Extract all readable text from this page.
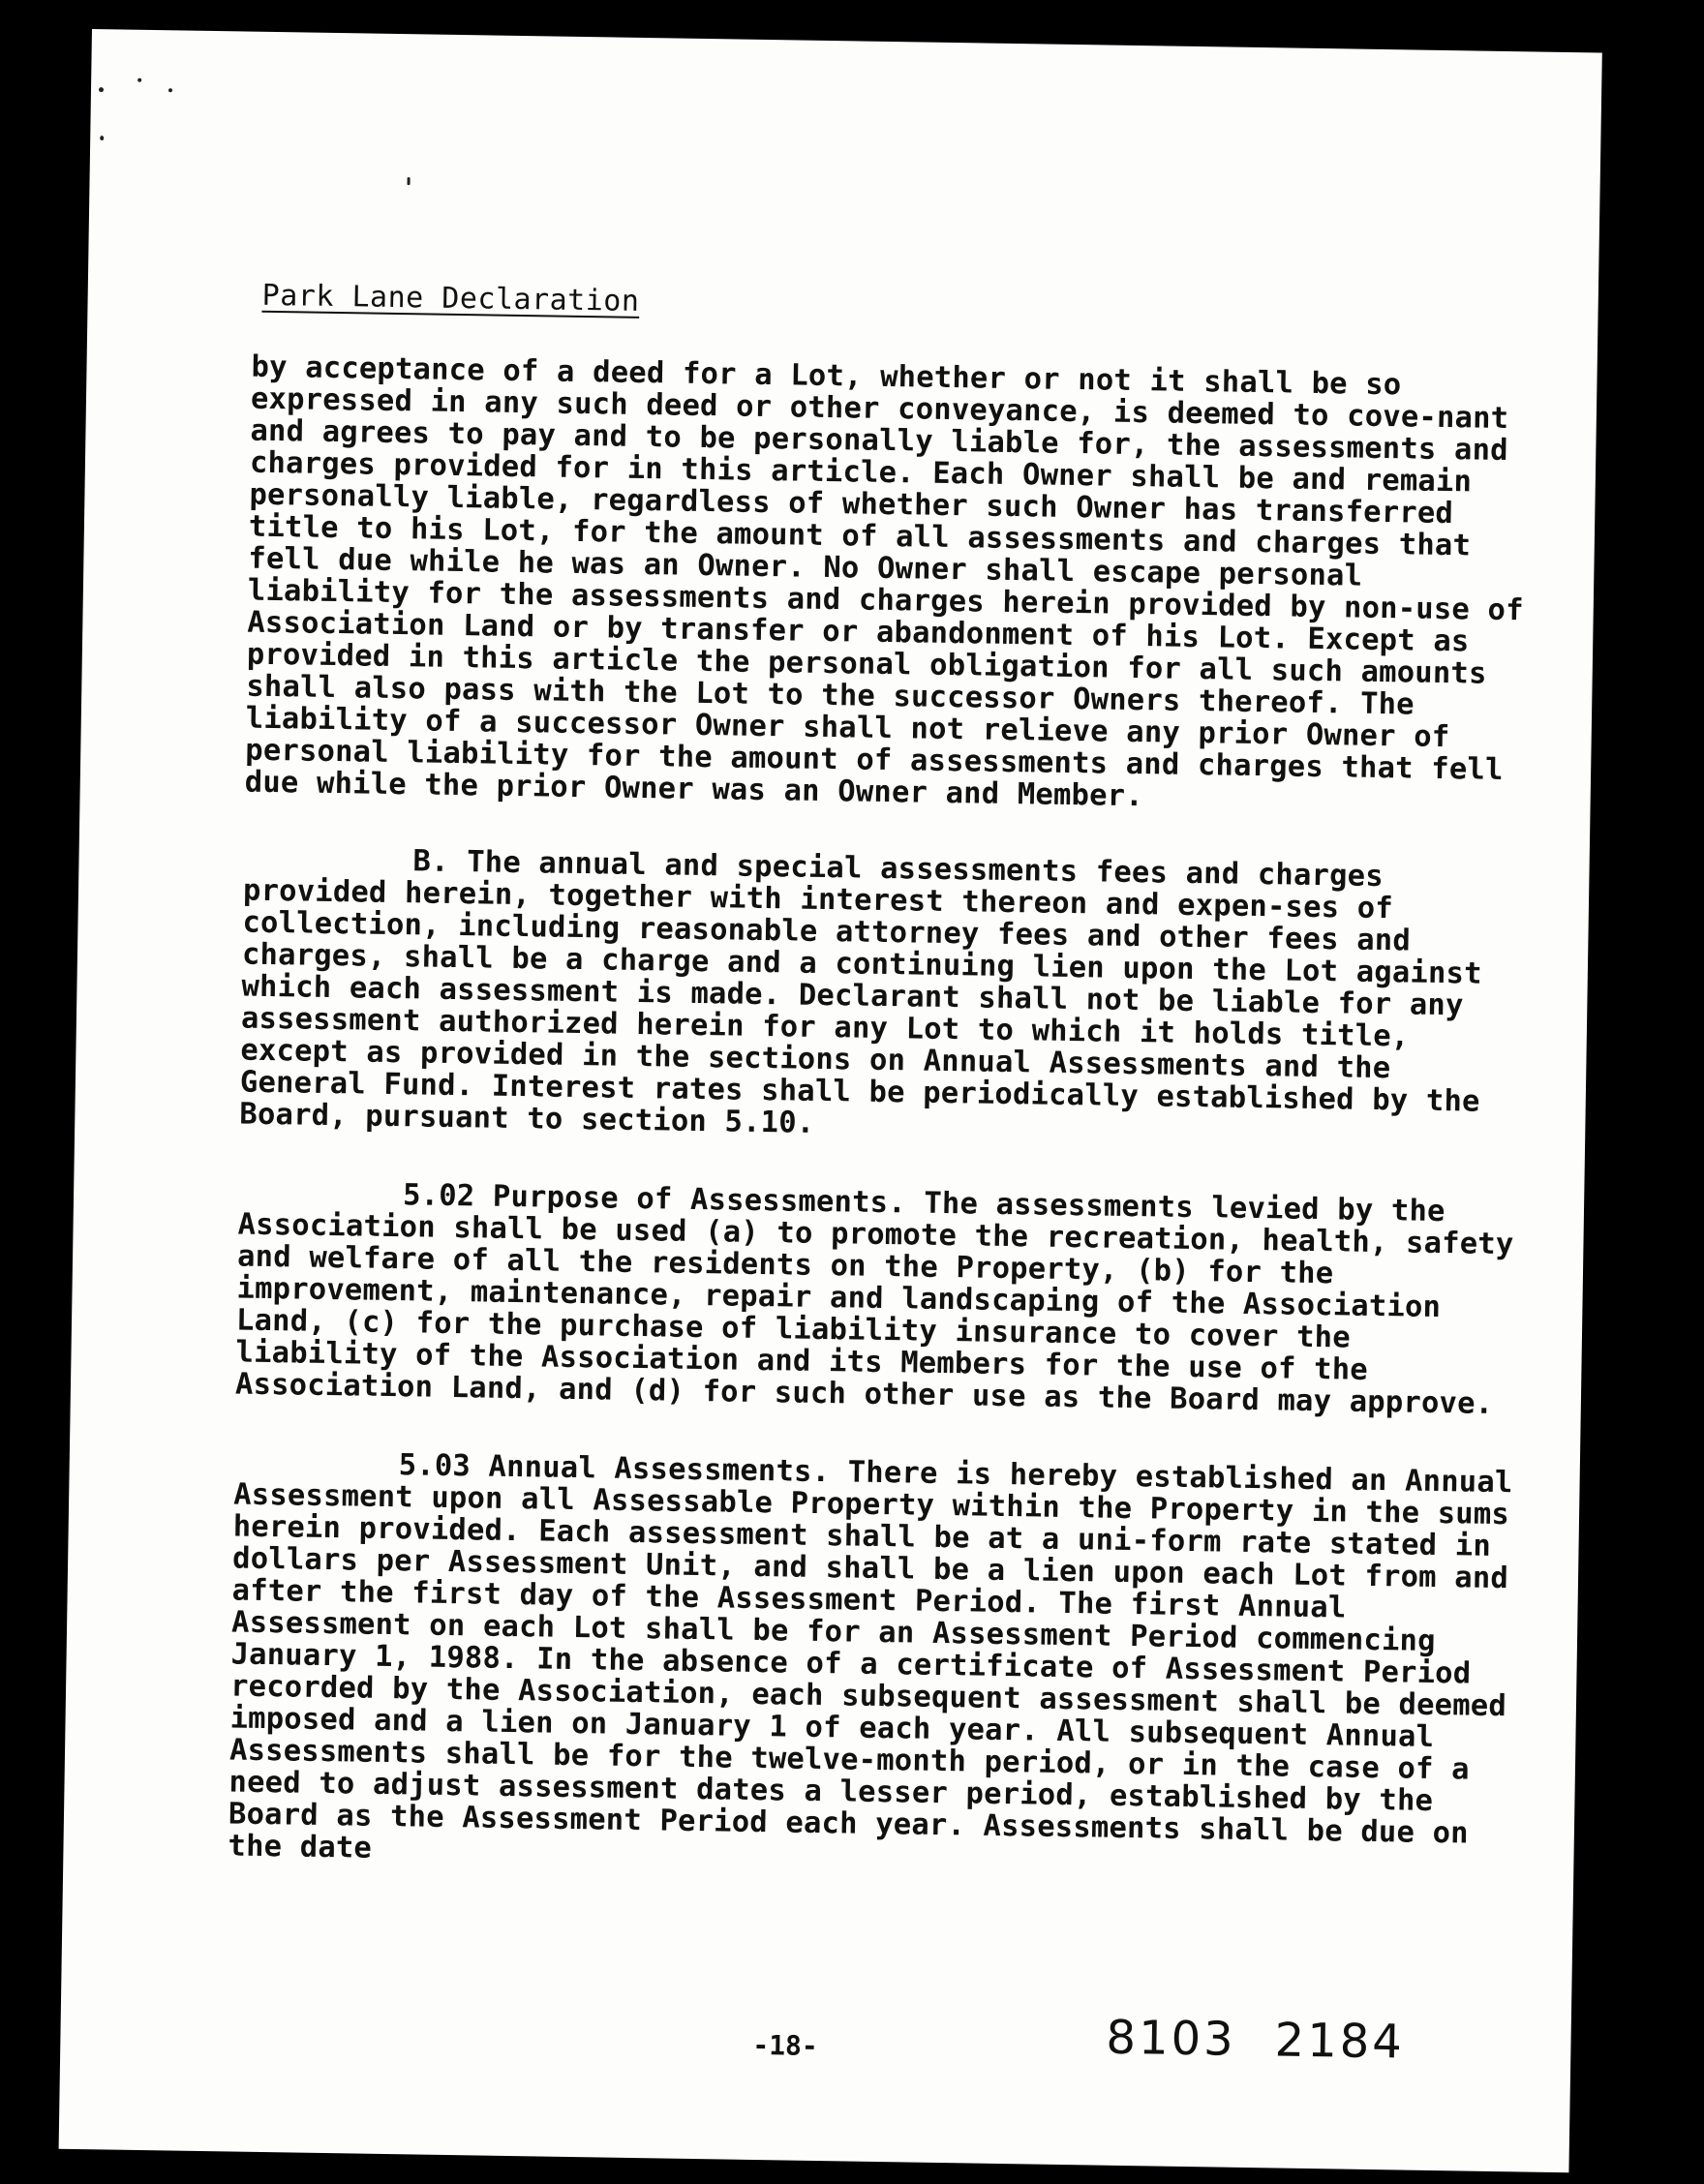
Park Lane Declaration

by acceptance of a deed for a Lot, whether or not it shall be so expressed in any such deed or other conveyance, is deemed to cove-nant and agrees to pay and to be personally liable for, the assessments and charges provided for in this article. Each Owner shall be and remain personally liable, regardless of whether such Owner has transferred title to his Lot, for the amount of all assessments and charges that fell due while he was an Owner. No Owner shall escape personal liability for the assessments and charges herein provided by non-use of Association Land or by transfer or abandonment of his Lot. Except as provided in this article the personal obligation for all such amounts shall also pass with the Lot to the successor Owners thereof. The liability of a successor Owner shall not relieve any prior Owner of personal liability for the amount of assessments and charges that fell due while the prior Owner was an Owner and Member.

B. The annual and special assessments fees and charges provided herein, together with interest thereon and expen-ses of collection, including reasonable attorney fees and other fees and charges, shall be a charge and a continuing lien upon the Lot against which each assessment is made. Declarant shall not be liable for any assessment authorized herein for any Lot to which it holds title, except as provided in the sections on Annual Assessments and the General Fund. Interest rates shall be periodically established by the Board, pursuant to section 5.10.

5.02 Purpose of Assessments. The assessments levied by the Association shall be used (a) to promote the recreation, health, safety and welfare of all the residents on the Property, (b) for the improvement, maintenance, repair and landscaping of the Association Land, (c) for the purchase of liability insurance to cover the liability of the Association and its Members for the use of the Association Land, and (d) for such other use as the Board may approve.

5.03 Annual Assessments. There is hereby established an Annual Assessment upon all Assessable Property within the Property in the sums herein provided. Each assessment shall be at a uni-form rate stated in dollars per Assessment Unit, and shall be a lien upon each Lot from and after the first day of the Assessment Period. The first Annual Assessment on each Lot shall be for an Assessment Period commencing January 1, 1988. In the absence of a certificate of Assessment Period recorded by the Association, each subsequent assessment shall be deemed imposed and a lien on January 1 of each year. All subsequent Annual Assessments shall be for the twelve-month period, or in the case of a need to adjust assessment dates a lesser period, established by the Board as the Assessment Period each year. Assessments shall be due on the date

-18-	8103 2184
